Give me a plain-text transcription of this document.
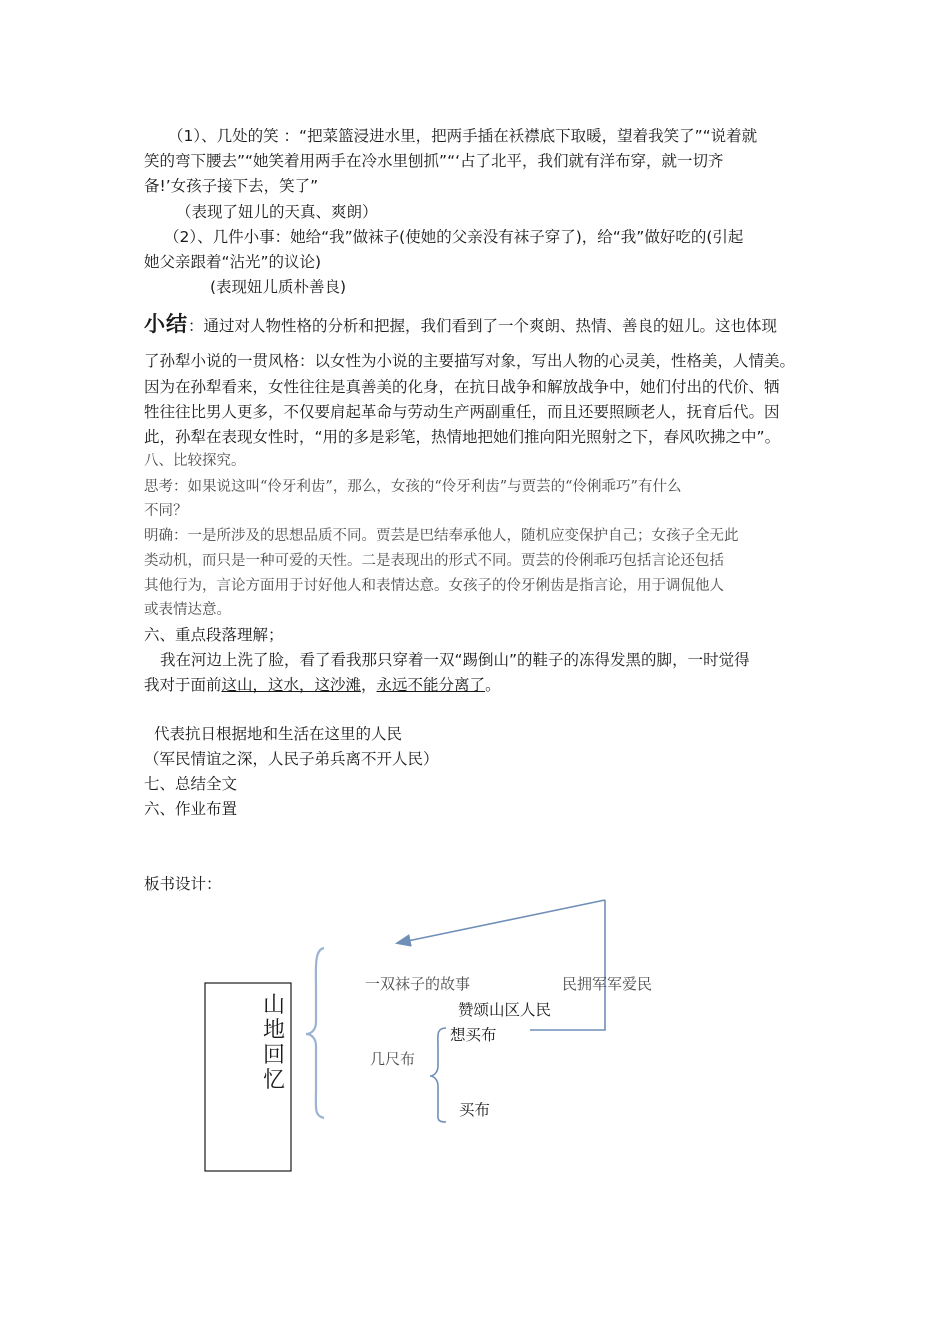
（1）、几处的笑 ：“把菜篮浸进水里，把两手插在袄襟底下取暖，望着我笑了”“说着就

笑的弯下腰去”“她笑着用两手在冷水里刨抓”“‘占了北平，我们就有洋布穿，就一切齐

备!’女孩子接下去，笑了”

（表现了妞儿的天真、爽朗）

（2）、几件小事：她给“我”做袜子(使她的父亲没有袜子穿了)，给“我”做好吃的(引起

她父亲跟着“沾光”的议论)

(表现妞儿质朴善良)

小结：通过对人物性格的分析和把握，我们看到了一个爽朗、热情、善良的妞儿。这也体现

了孙犁小说的一贯风格：以女性为小说的主要描写对象，写出人物的心灵美，性格美，人情美。

因为在孙犁看来，女性往往是真善美的化身，在抗日战争和解放战争中，她们付出的代价、牺

牲往往比男人更多，不仅要肩起革命与劳动生产两副重任，而且还要照顾老人，抚育后代。因

此，孙犁在表现女性时，“用的多是彩笔，热情地把她们推向阳光照射之下，春风吹拂之中”。

八、比较探究。

思考：如果说这叫“伶牙利齿”，那么，女孩的“伶牙利齿”与贾芸的“伶俐乖巧”有什么

不同？

明确：一是所涉及的思想品质不同。贾芸是巴结奉承他人，随机应变保护自己；女孩子全无此

类动机，而只是一种可爱的天性。二是表现出的形式不同。贾芸的伶俐乖巧包括言论还包括

其他行为，言论方面用于讨好他人和表情达意。女孩子的伶牙俐齿是指言论，用于调侃他人

或表情达意。

六、重点段落理解；

我在河边上洗了脸，看了看我那只穿着一双“踢倒山”的鞋子的冻得发黑的脚，一时觉得

我对于面前这山，这水，这沙滩，永远不能分离了。

代表抗日根据地和生活在这里的人民

（军民情谊之深，人民子弟兵离不开人民）

七、总结全文

六、作业布置

板书设计：

山
地
回
忆
一双袜子的故事	民拥军军爱民
赞颂山区人民
想买布
几尺布
买布
